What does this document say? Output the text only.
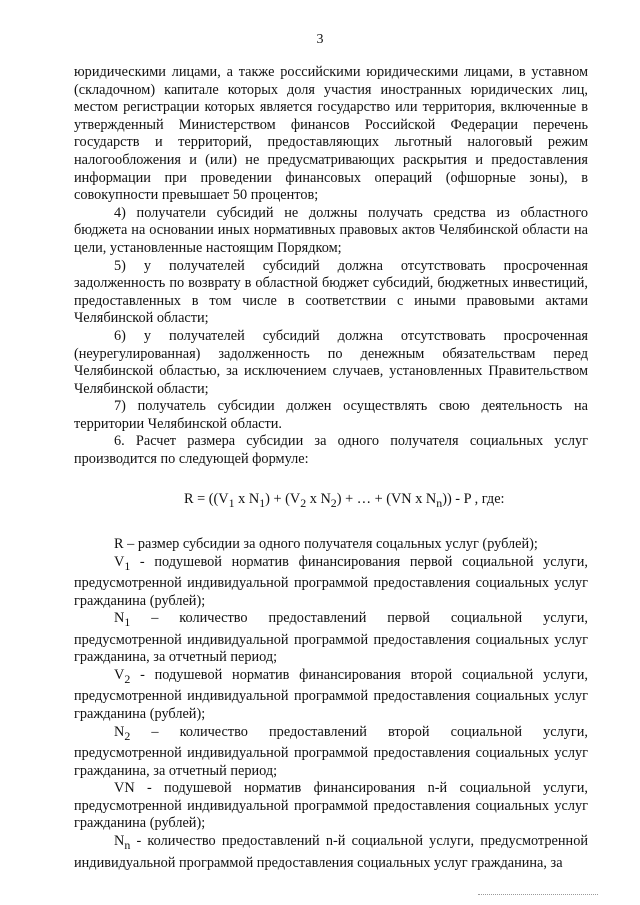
3

юридическими лицами, а также российскими юридическими лицами, в уставном (складочном) капитале которых доля участия иностранных юридических лиц, местом регистрации которых является государство или территория, включенные в утвержденный Министерством финансов Российской Федерации перечень государств и территорий, предоставляющих льготный налоговый режим налогообложения и (или) не предусматривающих раскрытия и предоставления информации при проведении финансовых операций (офшорные зоны), в совокупности превышает 50 процентов;

4) получатели субсидий не должны получать средства из областного бюджета на основании иных нормативных правовых актов Челябинской области на цели, установленные настоящим Порядком;

5) у получателей субсидий должна отсутствовать просроченная задолженность по возврату в областной бюджет субсидий, бюджетных инвестиций, предоставленных в том числе в соответствии с иными правовыми актами Челябинской области;

6) у получателей субсидий должна отсутствовать просроченная (неурегулированная) задолженность по денежным обязательствам перед Челябинской областью, за исключением случаев, установленных Правительством Челябинской области;

7) получатель субсидии должен осуществлять свою деятельность на территории Челябинской области.

6. Расчет размера субсидии за одного получателя социальных услуг производится по следующей формуле:

$R = ((V_1$ x $N_1) + (V_2$ x $N_2$) + … + (VN x $N_n$)) - P , где:

R – размер субсидии за одного получателя соцальных услуг (рублей);

$V_1$ - подушевой норматив финансирования первой социальной услуги, предусмотренной индивидуальной программой предоставления социальных услуг гражданина (рублей);

$N_1$ – количество предоставлений первой социальной услуги, предусмотренной индивидуальной программой предоставления социальных услуг гражданина, за отчетный период;

$V_2$ - подушевой норматив финансирования второй социальной услуги, предусмотренной индивидуальной программой предоставления социальных услуг гражданина (рублей);

$N_2$ – количество предоставлений второй социальной услуги, предусмотренной индивидуальной программой предоставления социальных услуг гражданина, за отчетный период;

VN - подушевой норматив финансирования n-й социальной услуги, предусмотренной индивидуальной программой предоставления социальных услуг гражданина (рублей);

$N_n$ - количество предоставлений n-й социальной услуги, предусмотренной индивидуальной программой предоставления социальных услуг гражданина, за
